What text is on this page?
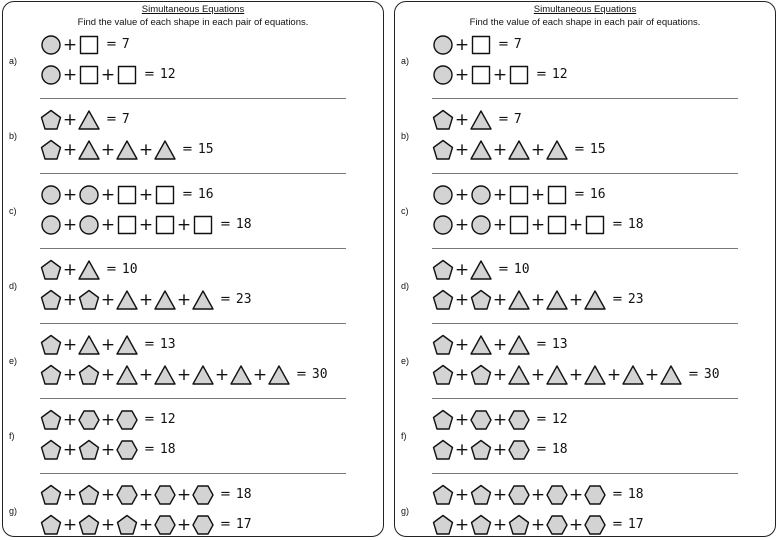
Simultaneous Equations
Find the value of each shape in each pair of equations.
a)
+ = 7
+ + = 12
b)
+ = 7
+ + + = 15
c)
+ + + = 16
+ + + + = 18
d)
+ = 10
+ + + + = 23
e)
+ + = 13
+ + + + + + = 30
f)
+ + = 12
+ + = 18
g)
+ + + + = 18
+ + + + = 17
Simultaneous Equations
Find the value of each shape in each pair of equations.
a)
+ = 7
+ + = 12
b)
+ = 7
+ + + = 15
c)
+ + + = 16
+ + + + = 18
d)
+ = 10
+ + + + = 23
e)
+ + = 13
+ + + + + + = 30
f)
+ + = 12
+ + = 18
g)
+ + + + = 18
+ + + + = 17
